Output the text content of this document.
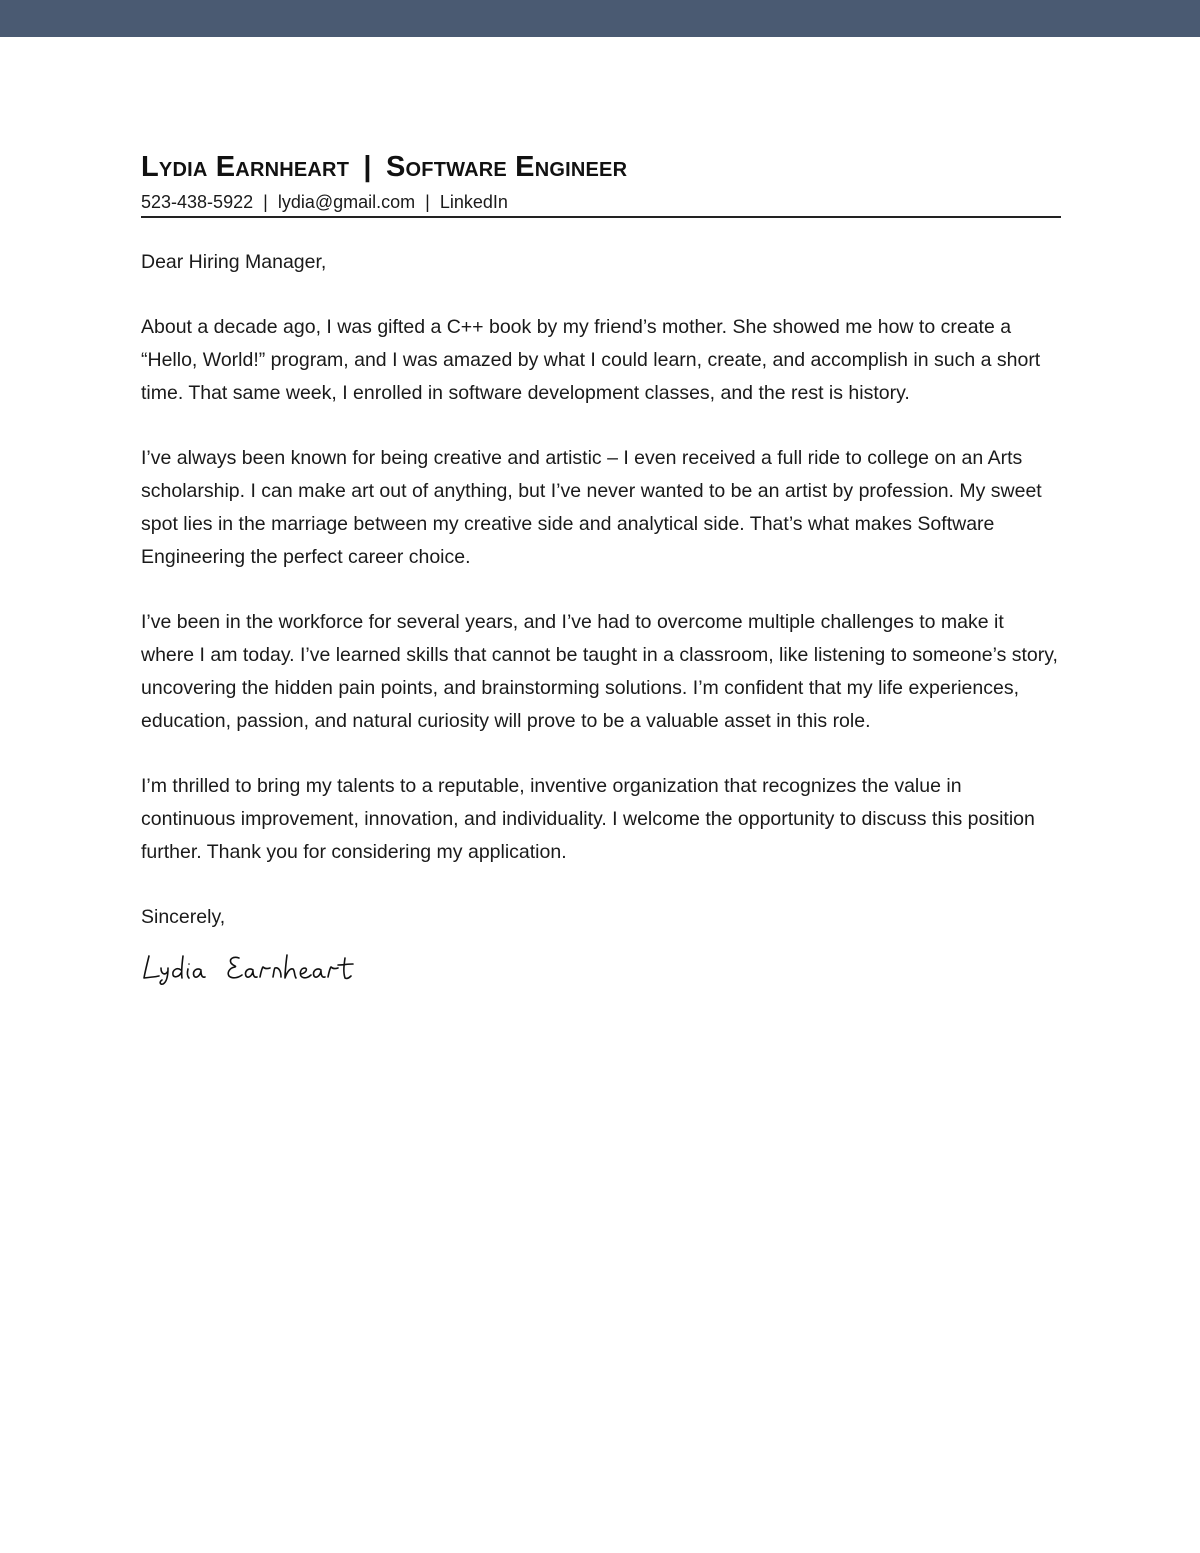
Lydia Earnheart | Software Engineer

523-438-5922 | lydia@gmail.com | LinkedIn

Dear Hiring Manager,

About a decade ago, I was gifted a C++ book by my friend’s mother. She showed me how to create a “Hello, World!” program, and I was amazed by what I could learn, create, and accomplish in such a short time. That same week, I enrolled in software development classes, and the rest is history.

I’ve always been known for being creative and artistic – I even received a full ride to college on an Arts scholarship. I can make art out of anything, but I’ve never wanted to be an artist by profession. My sweet spot lies in the marriage between my creative side and analytical side. That’s what makes Software Engineering the perfect career choice.

I’ve been in the workforce for several years, and I’ve had to overcome multiple challenges to make it where I am today. I’ve learned skills that cannot be taught in a classroom, like listening to someone’s story, uncovering the hidden pain points, and brainstorming solutions. I’m confident that my life experiences, education, passion, and natural curiosity will prove to be a valuable asset in this role.

I’m thrilled to bring my talents to a reputable, inventive organization that recognizes the value in continuous improvement, innovation, and individuality. I welcome the opportunity to discuss this position further. Thank you for considering my application.

Sincerely,
